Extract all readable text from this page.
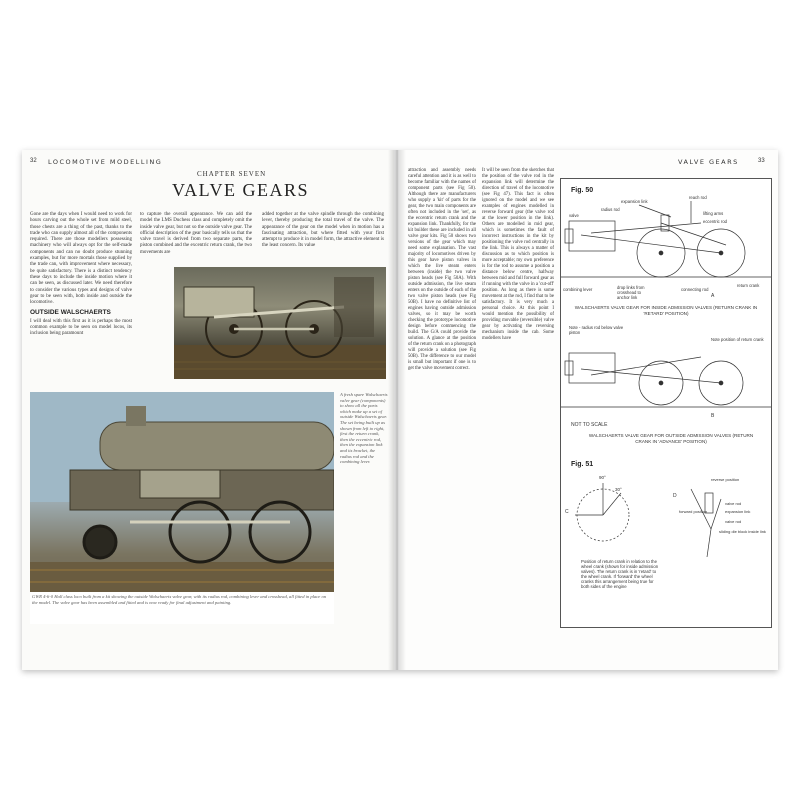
32 LOCOMOTIVE MODELLING
CHAPTER SEVEN
VALVE GEARS

Gone are the days when I would need to work for hours carving out the whole set from mild steel, those chests are a thing of the past, thanks to the trade who can supply almost all of the components required. There are those modellers possessing machinery who will always opt for the self-made components and can no doubt produce stunning examples, but for more mortals those supplied by the trade can, with improvement where necessary, be quite satisfactory. There is a distinct tendency these days to include the inside motion where it can be seen, as discussed later. We need therefore to consider the various types and designs of valve gear to be seen with, both inside and outside the locomotive.

OUTSIDE WALSCHAERTS

I will deal with this first as it is perhaps the most common example to be seen on model locos, its inclusion being paramount

to capture the overall appearance. We can add the model the LMS Duchess class and completely omit the inside valve gear, but not so the outside valve gear. The official description of the gear basically tells us that the valve travel is derived from two separate parts, the piston combined and the excentric return crank, the two movements are

added together at the valve spindle through the combining lever, thereby producing the total travel of the valve. The appearance of the gear on the model when in motion has a fascinating attraction, but where fitted with your first attempt to produce it in model form, the attractive element is the least concern. Its value

GWR 4-6-0 Hall class loco built from a kit showing the outside Walschaerts valve gear, with its radius rod, combining lever and crosshead, all fitted in place on the model. The valve gear has been assembled and fitted and is now ready for final adjustment and painting.
A fresh spare Walschaerts valve gear (components) to show all the parts which make up a set of outside Walschaerts gear. The set being built up as shown from left to right, first the return crank, then the eccentric rod, then the expansion link and its bracket, the radius rod and the combining lever.
VALVE GEARS	33

attraction and assembly needs careful attention and it is as well to become familiar with the names of component parts (see Fig 50). Although there are manufacturers who supply a 'kit' of parts for the gear, the two main components are often not included in the 'set', as the eccentric return crank and the expansion link. Thankfully, for the kit builder these are included in all valve gear kits. Fig 50 shows two versions of the gear which may need some explanation. The vast majority of locomotives driven by this gear have piston valves in which the live steam enters between (inside) the two valve piston heads (see Fig 50A). With outside admission, the live steam enters on the outside of each of the two valve piston heads (see Fig 50B). I have no definitive list of engines having outside admission valves, so it may be worth checking the prototype locomotive design before commencing the build. The G/A could provide the solution. A glance at the position of the return crank on a photograph will provide a solution (see Fig 50B). The difference to our model is small but important if one is to get the valve movement correct.

It will be seen from the sketches that the position of the valve rod in the expansion link will determine the direction of travel of the locomotive (see Fig 47). This fact is often ignored on the model and we see examples of engines modelled in reverse forward gear (the valve rod at the lower position in the link). Others are modelled in mid gear, which is sometimes the fault of incorrect instructions in the kit by positioning the valve rod centrally in the link. This is always a matter of discussion as to which position is more acceptable; my own preference is for the rod to assume a position a distance below centre, halfway between mid and full forward gear as if running with the valve in a 'cut-off' position. As long as there is some movement at the rod, I find that to be satisfactory. It is very much a personal choice. At this point I would mention the possibility of providing movable (reversible) valve gear by activating the reversing mechanism inside the cab. Some modellers have

Fig. 50
expansion link
reach rod
radius rod
valve	lifting arms
eccentric rod
combining lever	connecting rod
return crank
drop links from
crosshead to
anchor link	A
WALSCHAERTS VALVE GEAR FOR INSIDE ADMISSION VALVES (RETURN CRANK IN 'RETARD' POSITION)
Note - radius rod below valve piston
Note position of return crank
B
NOT TO SCALE
WALSCHAERTS VALVE GEAR FOR OUTSIDE ADMISSION VALVES (RETURN CRANK IN 'ADVANCE' POSITION)
Fig. 51
90°
30°
C
D
reverse position
forward position
valve rod
expansion link
valve rod
sliding die block inside link
Position of return crank in relation to the wheel crank (shown for inside admission valves). The return crank is in 'retard' to the wheel crank. If 'forward' the wheel cranks this arrangement being true for both sides of the engine
